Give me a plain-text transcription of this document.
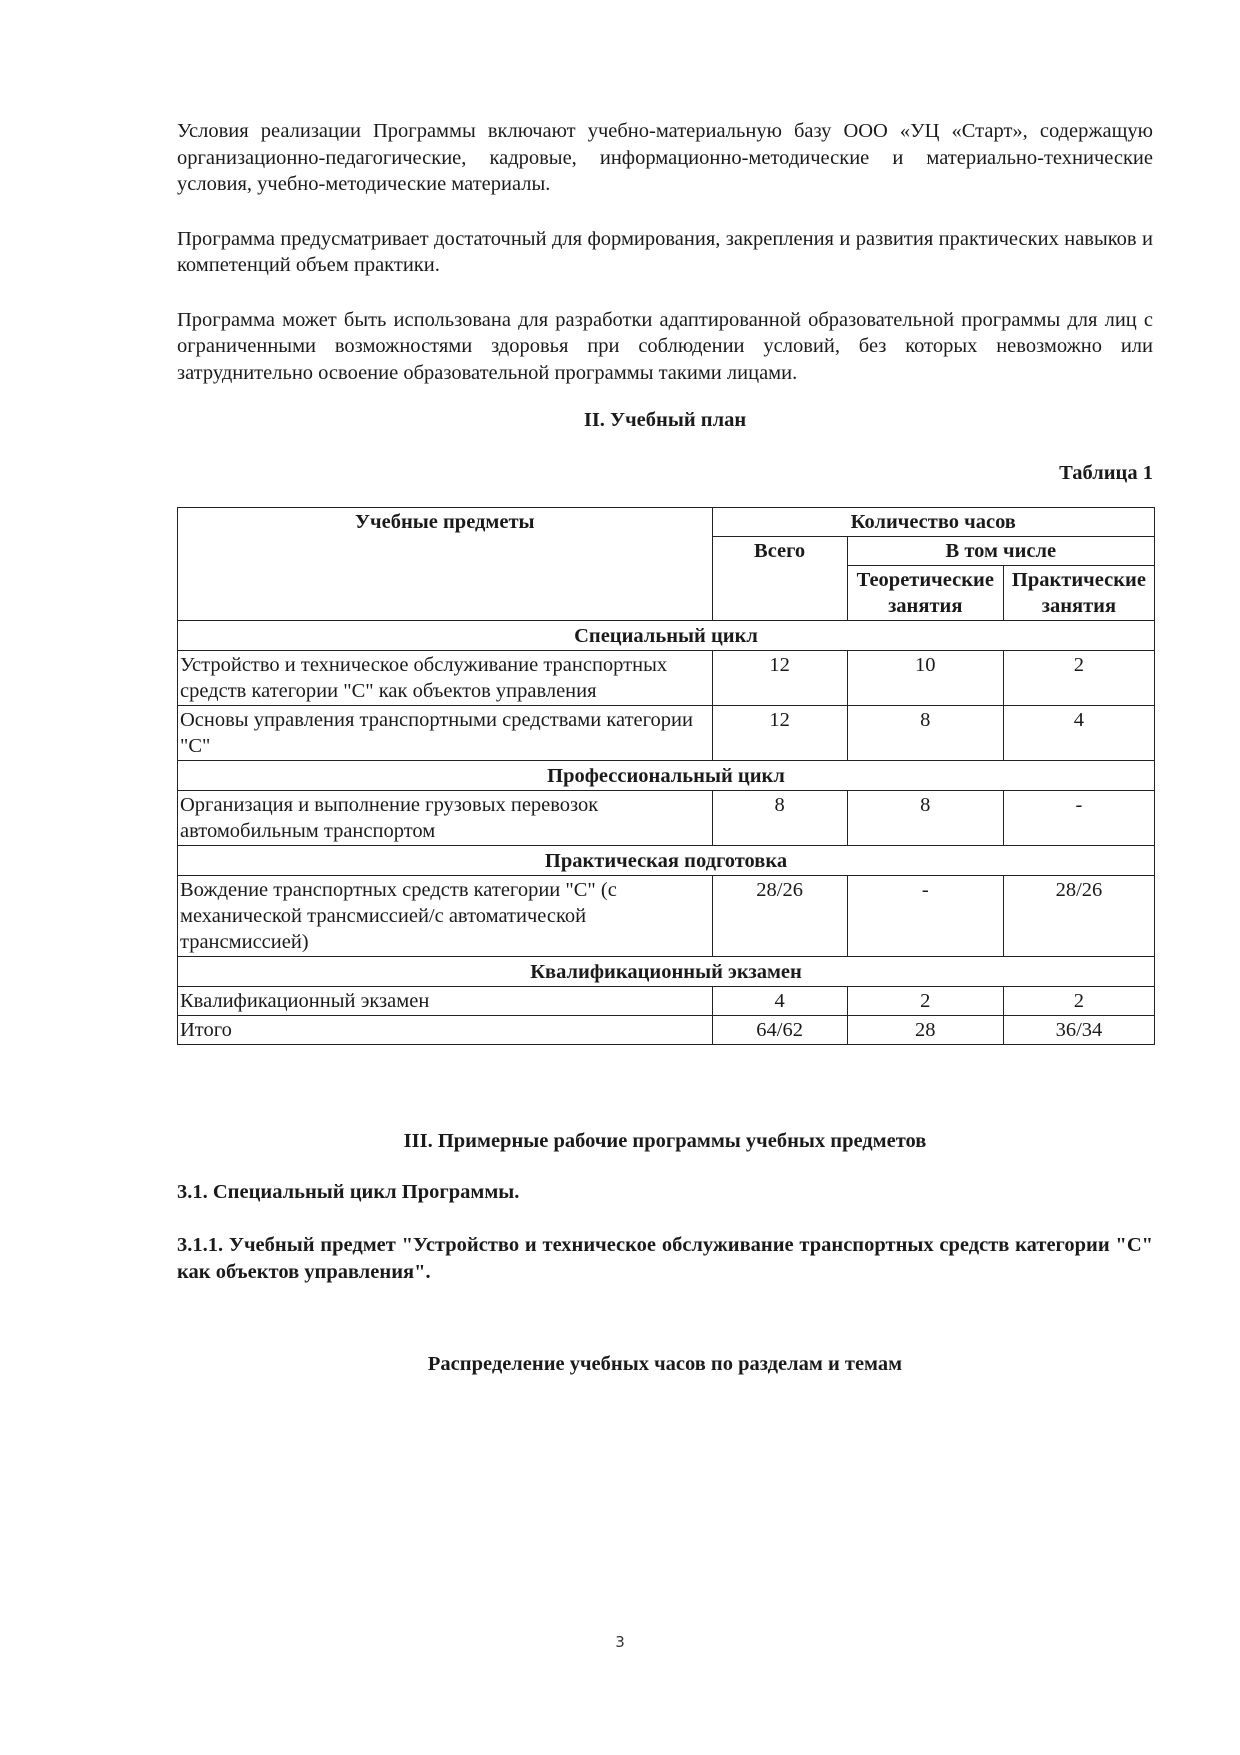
Условия реализации Программы включают учебно-материальную базу ООО «УЦ «Старт», содержащую организационно-педагогические, кадровые, информационно-методические и материально-технические условия, учебно-методические материалы.

Программа предусматривает достаточный для формирования, закрепления и развития практических навыков и компетенций объем практики.

Программа может быть использована для разработки адаптированной образовательной программы для лиц с ограниченными возможностями здоровья при соблюдении условий, без которых невозможно или затруднительно освоение образовательной программы такими лицами.

II. Учебный план

Таблица 1

Учебные предметы	Количество часов		
	Всего	В том числе	
		Теоретические занятия	Практические занятия
Специальный цикл			
Устройство и техническое обслуживание транспортных средств категории "C" как объектов управления	12	10	2
Основы управления транспортными средствами категории "C"	12	8	4
Профессиональный цикл			
Организация и выполнение грузовых перевозок автомобильным транспортом	8	8	-
Практическая подготовка			
Вождение транспортных средств категории "C" (с механической трансмиссией/с автоматической трансмиссией)	28/26	-	28/26
Квалификационный экзамен			
Квалификационный экзамен	4	2	2
Итого	64/62	28	36/34

III. Примерные рабочие программы учебных предметов

3.1. Специальный цикл Программы.

3.1.1. Учебный предмет "Устройство и техническое обслуживание транспортных средств категории "C" как объектов управления".

Распределение учебных часов по разделам и темам

3
